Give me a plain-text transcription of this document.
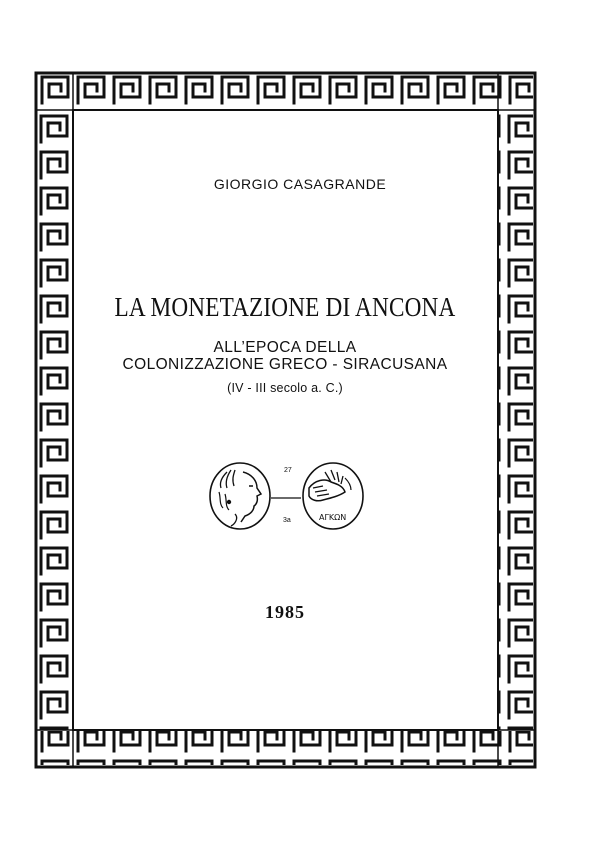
GIORGIO CASAGRANDE
LA MONETAZIONE DI ANCONA
ALL’EPOCA DELLA
COLONIZZAZIONE GRECO - SIRACUSANA
(IV - III secolo a. C.)
27
3a	ΑΓΚΩΝ
1985
